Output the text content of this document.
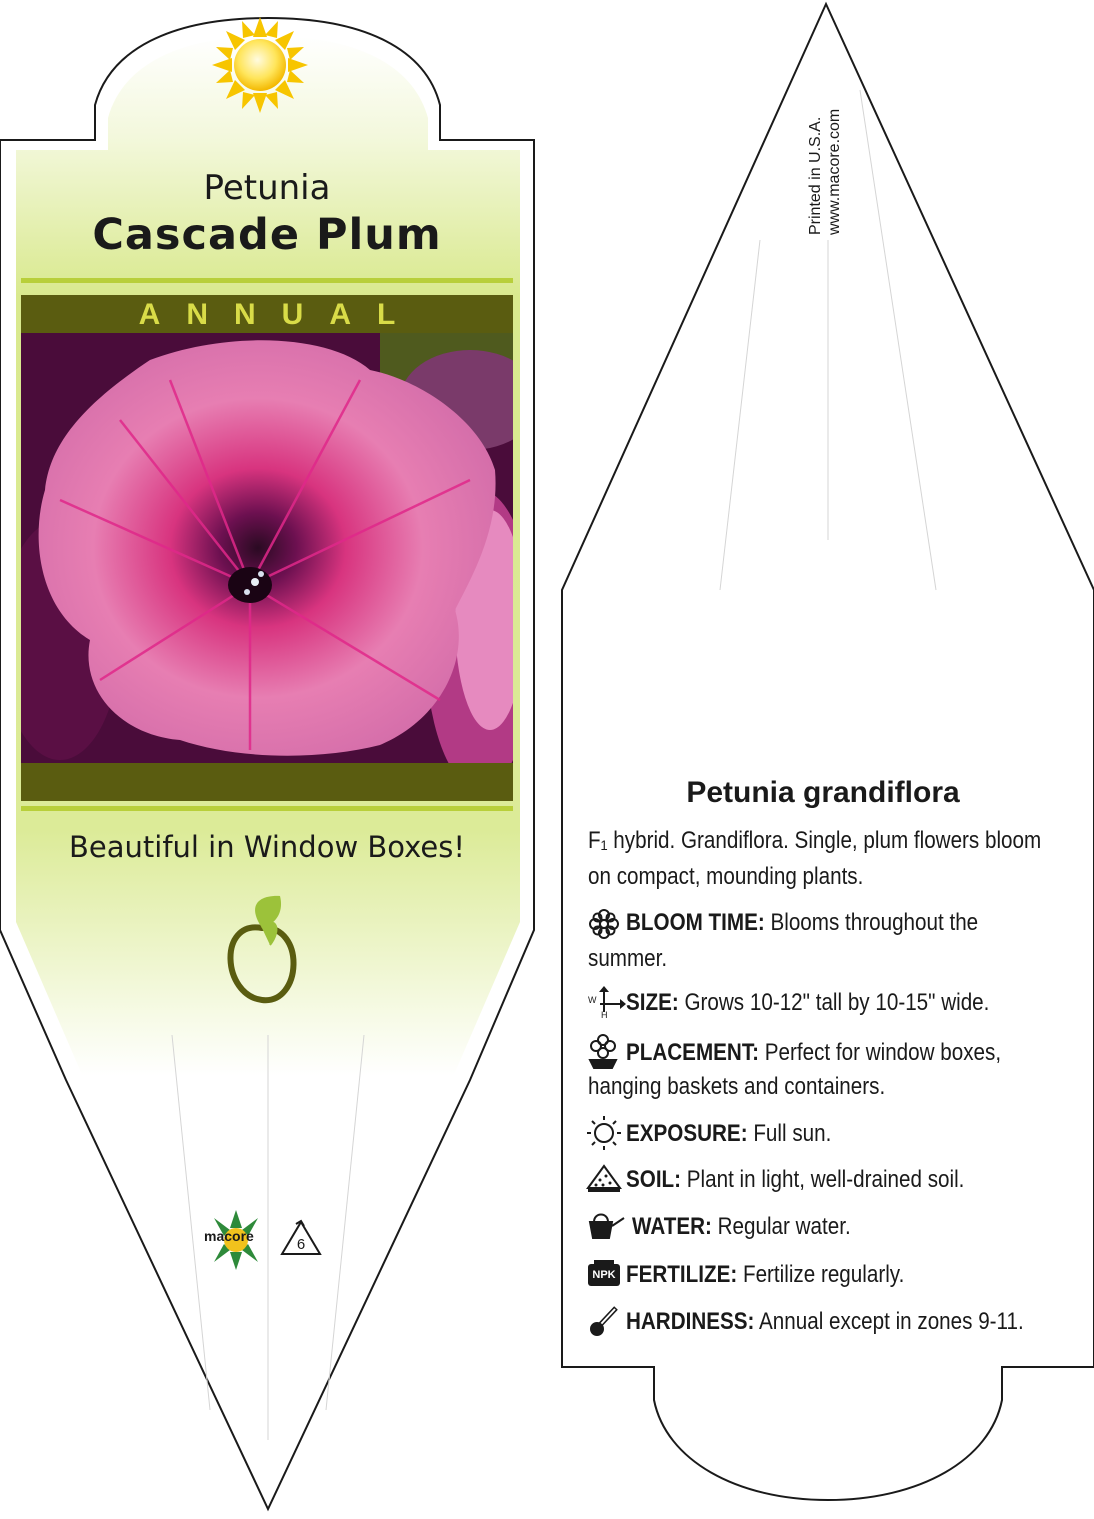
Petunia
Cascade Plum
ANNUAL
Beautiful in Window Boxes!
macore	6
Printed in U.S.A. www.macore.com
Petunia grandiflora
F₁ hybrid. Grandiflora. Single, plum flowers bloom
on compact, mounding plants.
BLOOM TIME: Blooms throughout the
summer.
W
H SIZE: Grows 10-12" tall by 10-15" wide.
PLACEMENT: Perfect for window boxes,
hanging baskets and containers.
EXPOSURE: Full sun.
SOIL: Plant in light, well-drained soil.
WATER: Regular water.
NPK FERTILIZE: Fertilize regularly.
HARDINESS: Annual except in zones 9-11.
